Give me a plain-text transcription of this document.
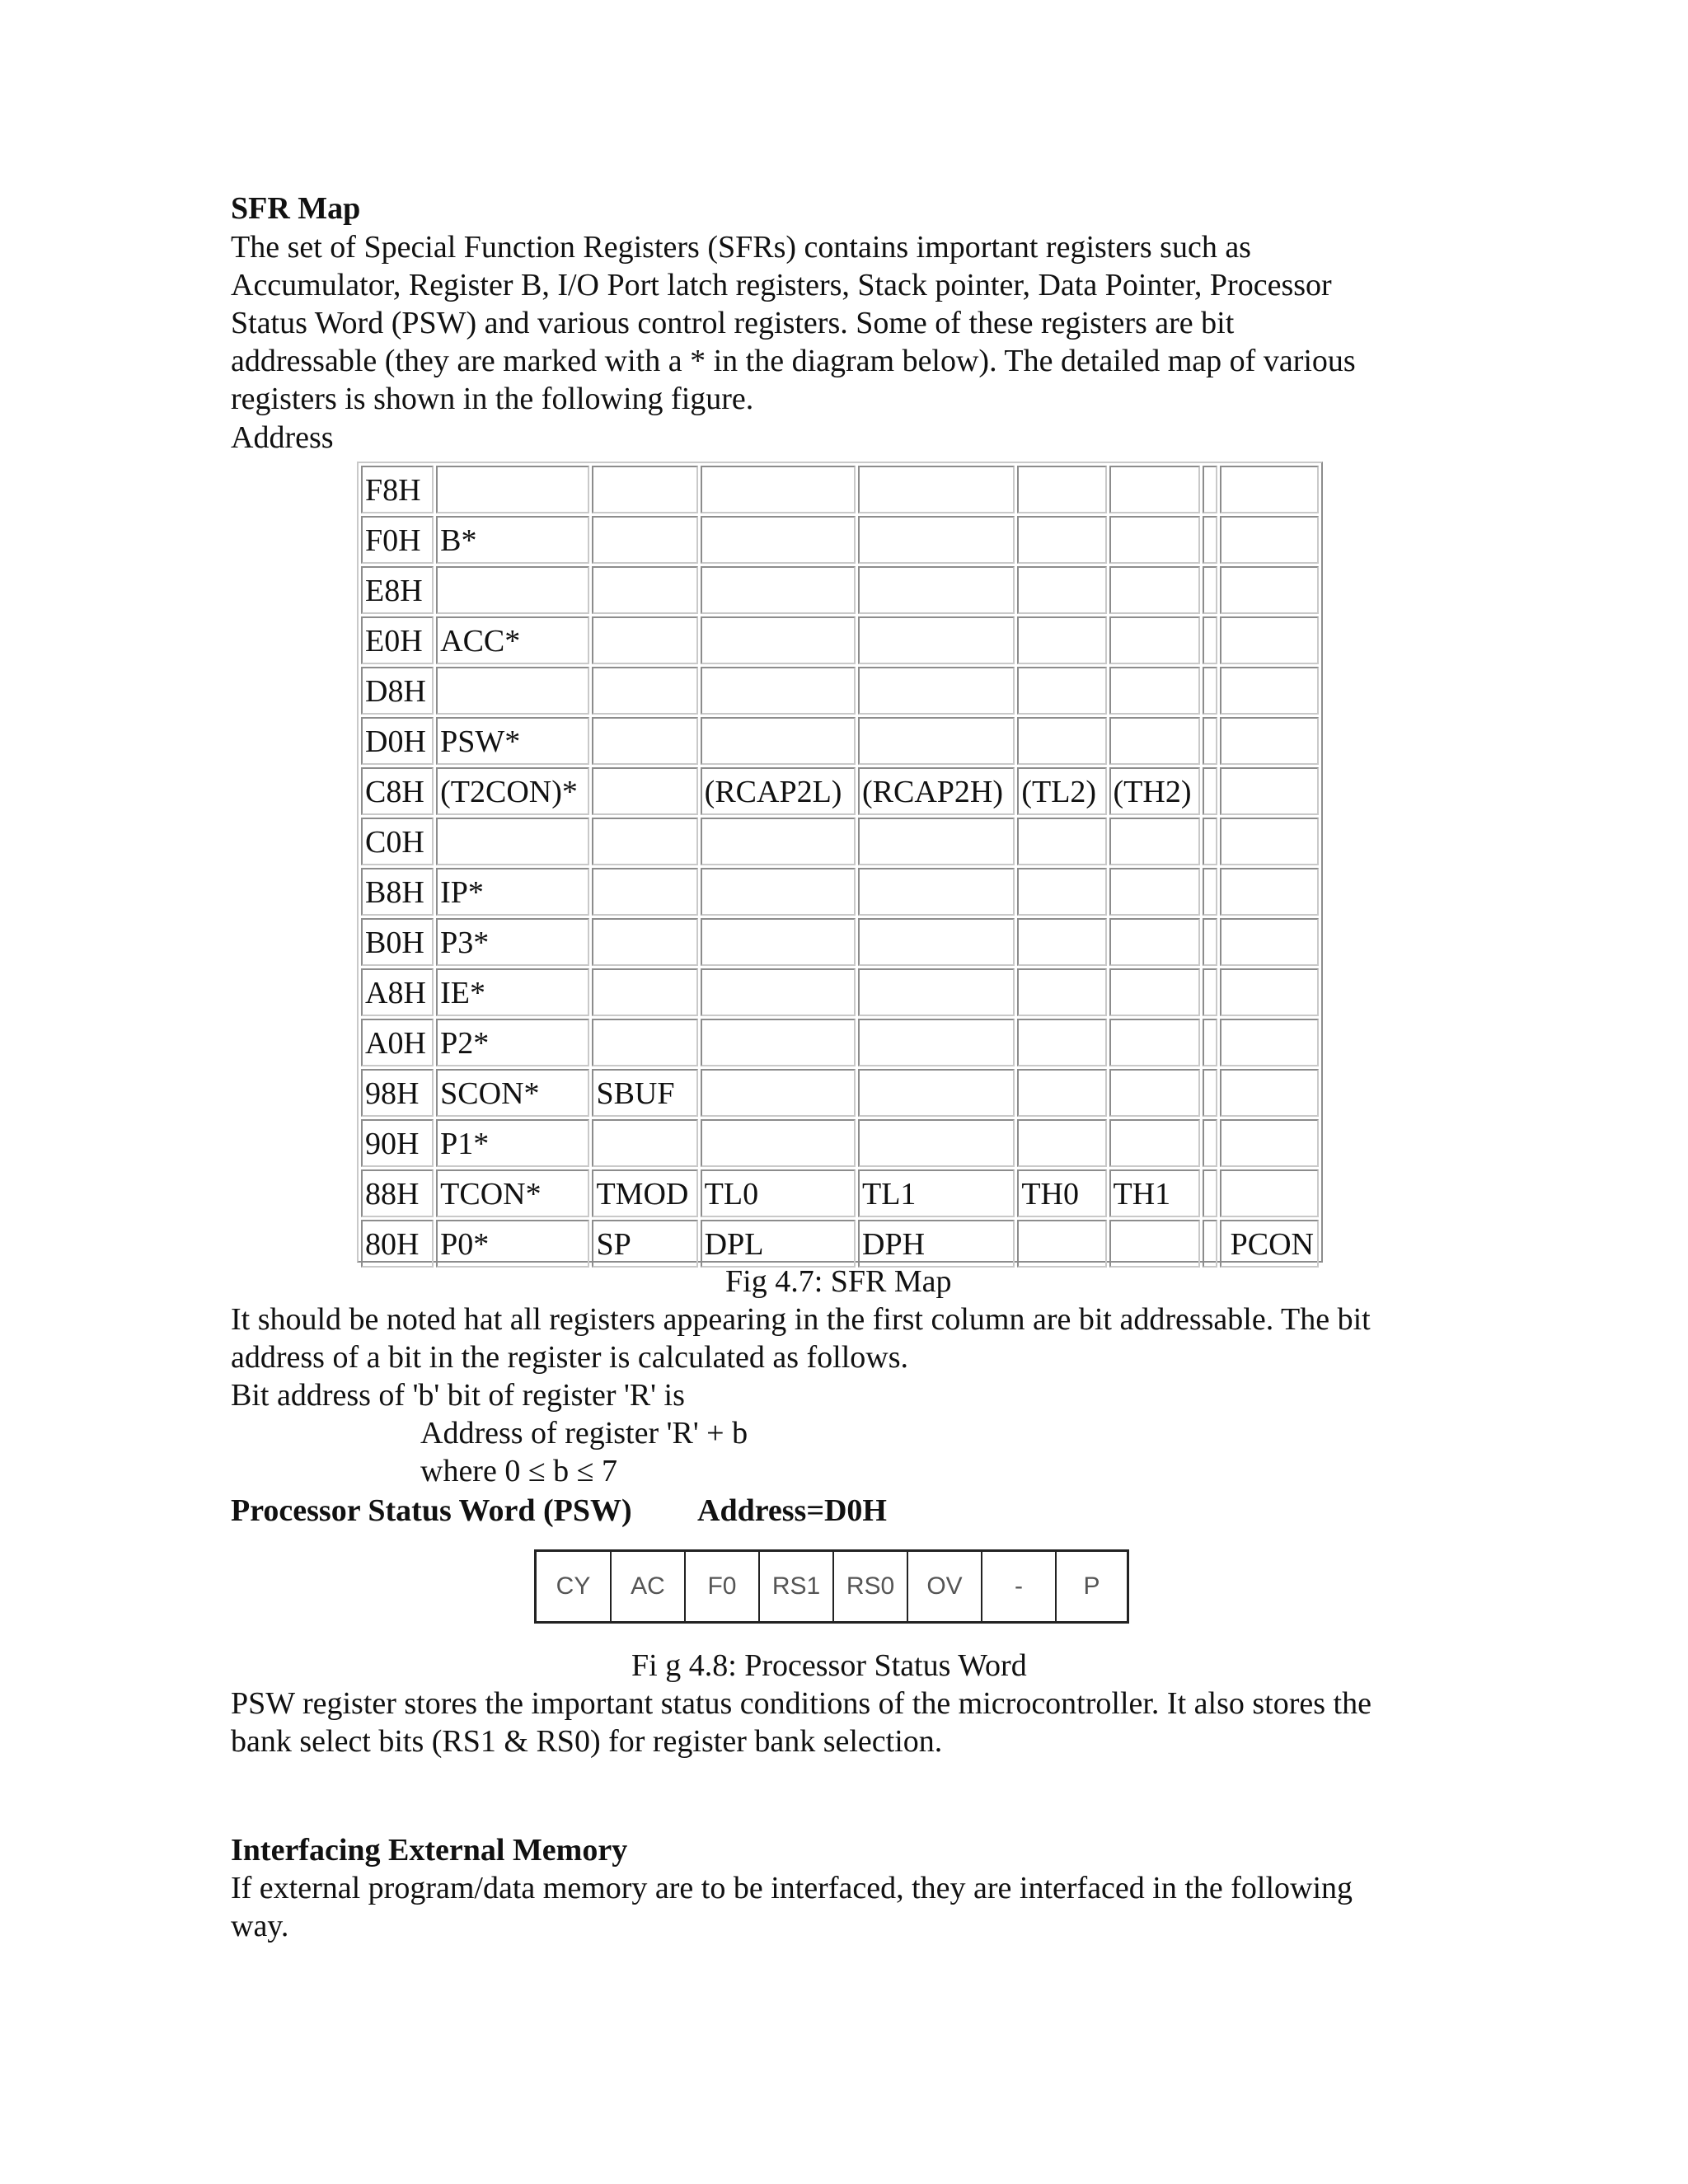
SFR Map
The set of Special Function Registers (SFRs) contains important registers such as
Accumulator, Register B, I/O Port latch registers, Stack pointer, Data Pointer, Processor
Status Word (PSW) and various control registers. Some of these registers are bit
addressable (they are marked with a * in the diagram below). The detailed map of various
registers is shown in the following figure.
Address
F8H								
F0H	B*							
E8H								
E0H	ACC*							
D8H								
D0H	PSW*							
C8H	(T2CON)*		(RCAP2L)	(RCAP2H)	(TL2)	(TH2)		
C0H								
B8H	IP*							
B0H	P3*							
A8H	IE*							
A0H	P2*							
98H	SCON*	SBUF						
90H	P1*							
88H	TCON*	TMOD	TL0	TL1	TH0	TH1		
80H	P0*	SP	DPL	DPH				PCON
Fig 4.7: SFR Map
It should be noted hat all registers appearing in the first column are bit addressable. The bit
address of a bit in the register is calculated as follows.
Bit address of 'b' bit of register 'R' is
Address of register 'R' + b
where 0 ≤ b ≤ 7
Processor Status Word (PSW) Address=D0H
CY	AC	F0	RS1	RS0	OV	-	P
Fi g 4.8: Processor Status Word
PSW register stores the important status conditions of the microcontroller. It also stores the
bank select bits (RS1 & RS0) for register bank selection.
Interfacing External Memory
If external program/data memory are to be interfaced, they are interfaced in the following
way.
